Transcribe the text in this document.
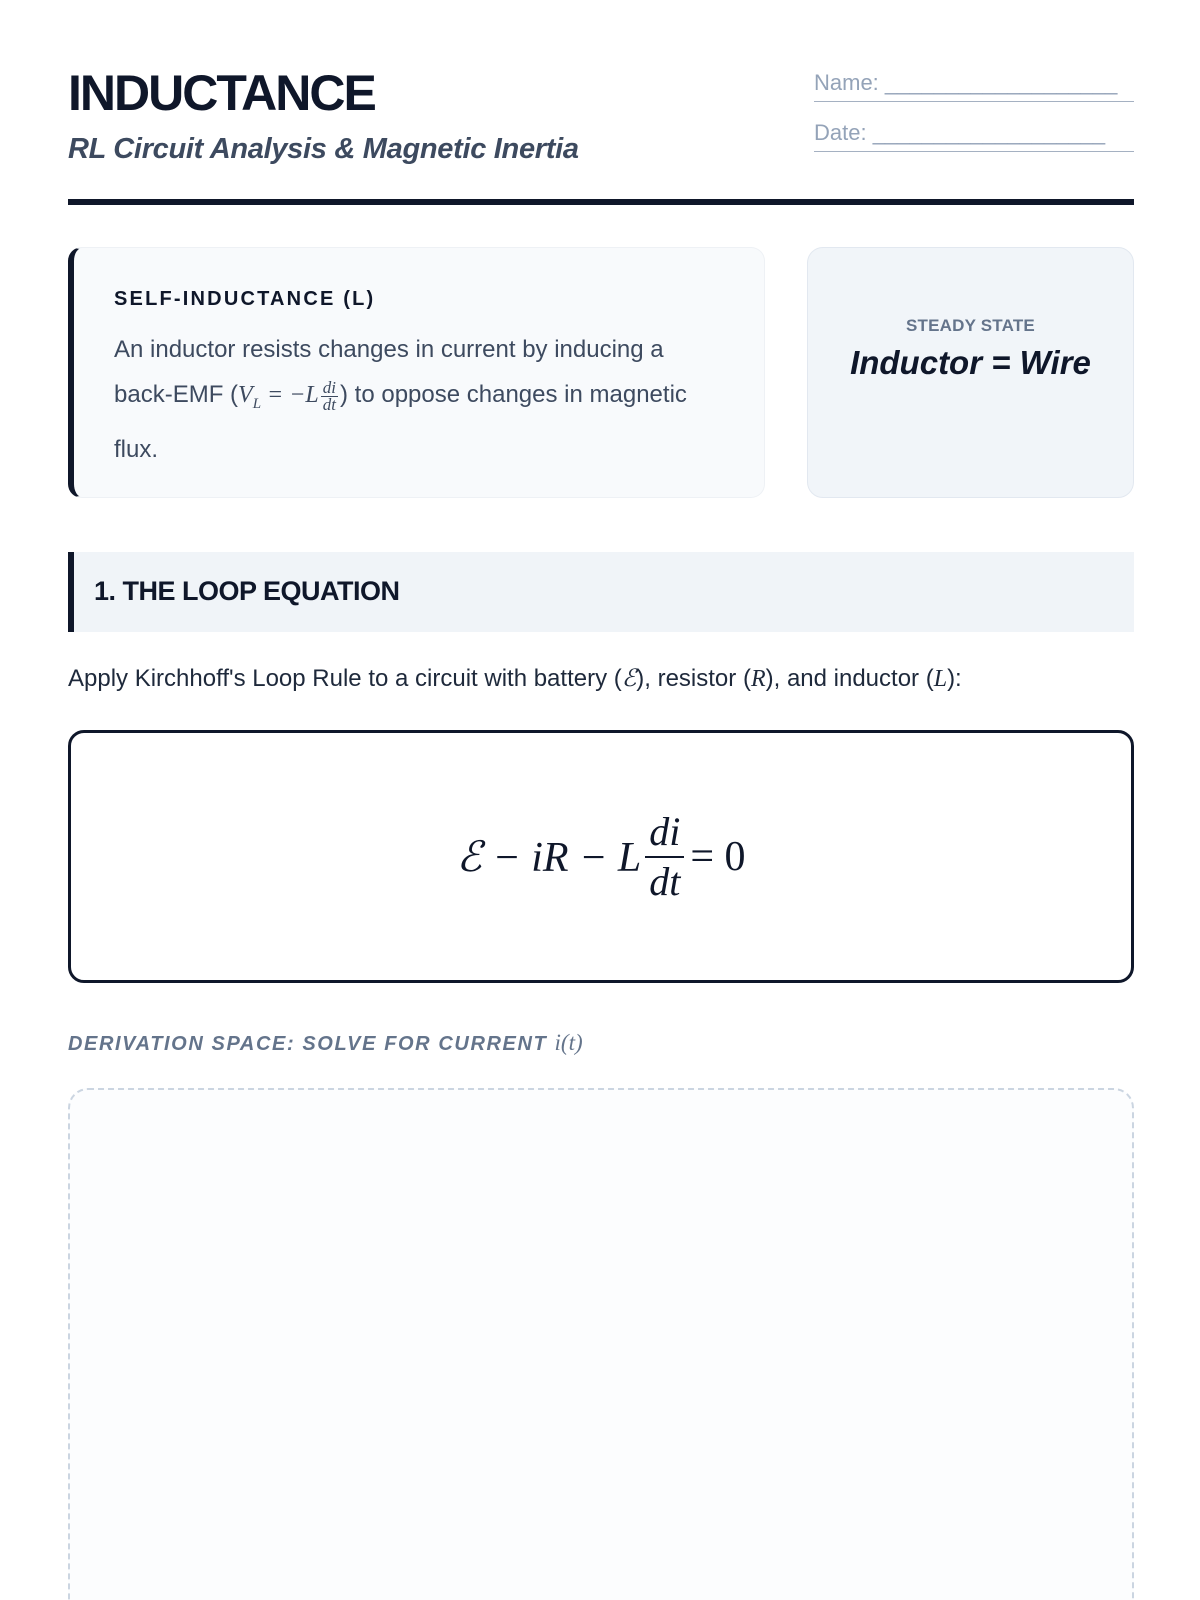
INDUCTANCE
RL Circuit Analysis & Magnetic Inertia
Name: ___________________
Date: ___________________
SELF-INDUCTANCE (L)

An inductor resists changes in current by inducing a back-EMF ($V_L = -L \frac{di}{dt}$ ) to oppose changes in magnetic flux.

STEADY STATE
Inductor = Wire
1. THE LOOP EQUATION

Apply Kirchhoff's Loop Rule to a circuit with battery (ℰ), resistor (R), and inductor (L):

ℰ − iR − L $\frac{di}{dt} = 0$

DERIVATION SPACE: SOLVE FOR CURRENT i(t)
